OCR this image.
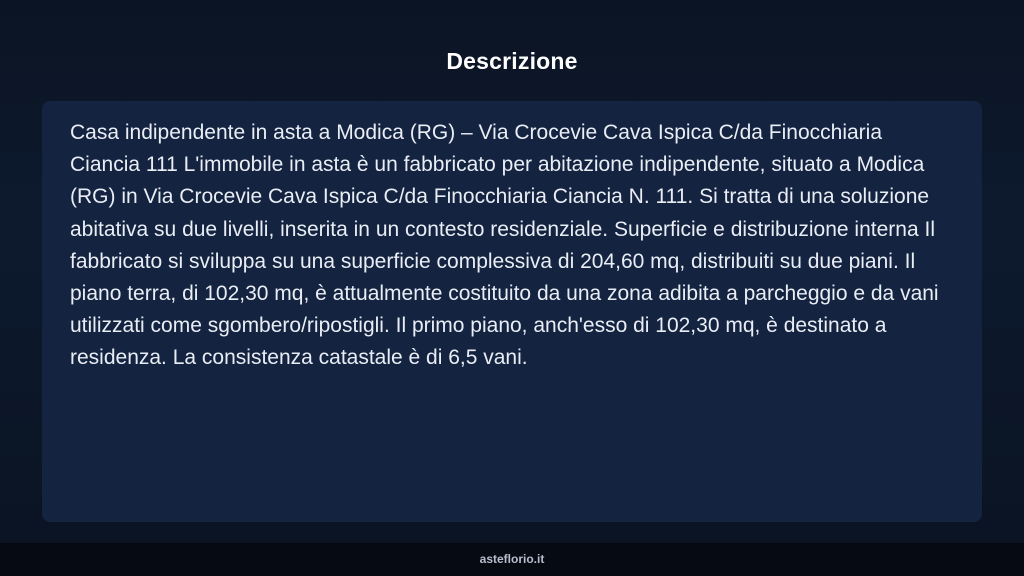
Descrizione

Casa indipendente in asta a Modica (RG) – Via Crocevie Cava Ispica C/da Finocchiaria Ciancia 111 L'immobile in asta è un fabbricato per abitazione indipendente, situato a Modica (RG) in Via Crocevie Cava Ispica C/da Finocchiaria Ciancia N. 111. Si tratta di una soluzione abitativa su due livelli, inserita in un contesto residenziale. Superficie e distribuzione interna Il fabbricato si sviluppa su una superficie complessiva di 204,60 mq, distribuiti su due piani. Il piano terra, di 102,30 mq, è attualmente costituito da una zona adibita a parcheggio e da vani utilizzati come sgombero/ripostigli. Il primo piano, anch'esso di 102,30 mq, è destinato a residenza. La consistenza catastale è di 6,5 vani.

asteflorio.it
